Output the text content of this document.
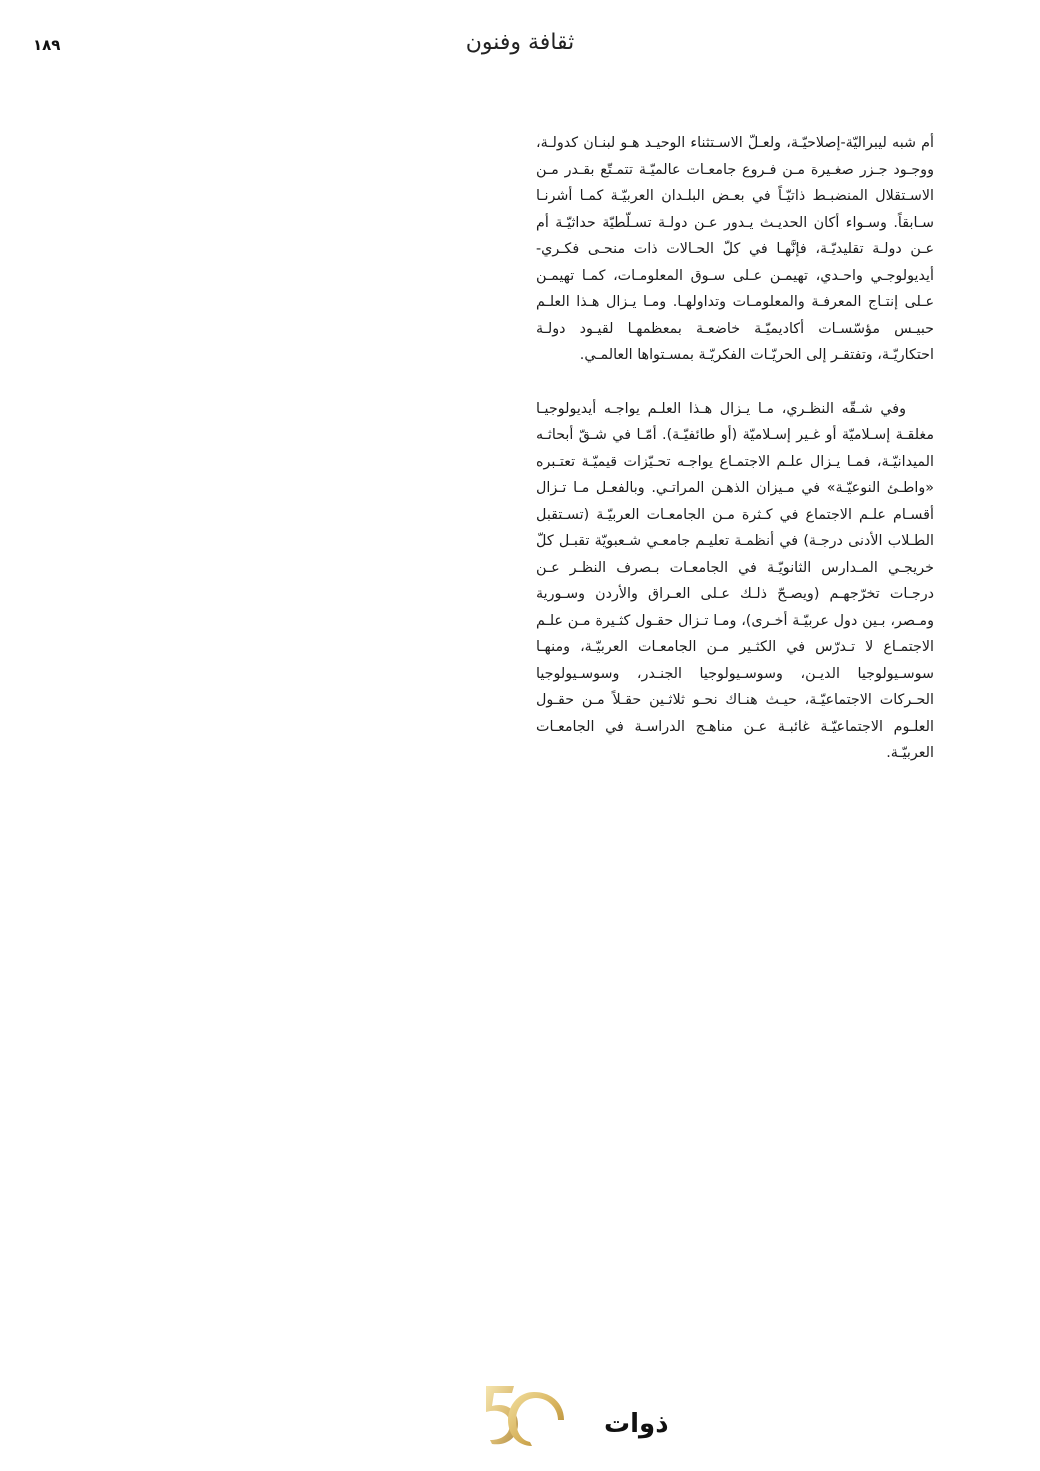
١٨٩	ثقافة وفنون

أم شبه ليبراليّة-إصلاحيّـة، ولعـلّ الاسـتثناء الوحيـد هـو لبنـان كدولـة، ووجـود جـزر صغـيرة مـن فـروع جامعـات عالميّـة تتمـتّع بقـدر مـن الاسـتقلال المنضبـط ذاتيّـاً في بعـض البلـدان العربيّـة كمـا أشرنـا سـابقاً. وسـواء أكان الحديـث يـدور عـن دولـة تسـلّطيّة حداثيّـة أم عـن دولـة تقليديّـة، فإنَّهـا في كلّ الحـالات ذات منحـى فكـري-أيديولوجـي واحـدي، تهيمـن عـلى سـوق المعلومـات، كمـا تهيمـن عـلى إنتـاج المعرفـة والمعلومـات وتداولهـا. ومـا يـزال هـذا العلـم حبيـس مؤسّسـات أكاديميّـة خاضعـة بمعظمهـا لقيـود دولـة احتكاريّـة، وتفتقـر إلى الحريّـات الفكريّـة بمسـتواها العالمـي.

وفي شـقّه النظـري، مـا يـزال هـذا العلـم يواجـه أيديولوجيـا مغلقـة إسـلاميّة أو غـير إسـلاميّة (أو طائفيّـة). أمّـا في شـقّ أبحاثـه الميدانيّـة، فمـا يـزال علـم الاجتمـاع يواجـه تحـيّزات قيميّـة تعتـبره «واطـئ النوعيّـة» في مـيزان الذهـن المراتـي. وبالفعـل مـا تـزال أقسـام علـم الاجتماع في كـثرة مـن الجامعـات العربيّـة (تسـتقبل الطـلاب الأدنى درجـة) في أنظمـة تعليـم جامعـي شـعبويّة تقبـل كلّ خريجـي المـدارس الثانويّـة في الجامعـات بـصرف النظـر عـن درجـات تخرّجهـم (ويصـحّ ذلـك عـلى العـراق والأردن وسـورية ومـصر، بـين دول عربيّـة أخـرى)، ومـا تـزال حقـول كثـيرة مـن علـم الاجتمـاع لا تـدرّس في الكثـير مـن الجامعـات العربيّـة، ومنهـا سوسـيولوجيا الديـن، وسوسـيولوجيا الجنـدر، وسوسـيولوجيا الحـركات الاجتماعيّـة، حيـث هنـاك نحـو ثلاثـين حقـلاً مـن حقـول العلـوم الاجتماعيّـة غائبـة عـن مناهـج الدراسـة في الجامعـات العربيّـة.

ذوات
